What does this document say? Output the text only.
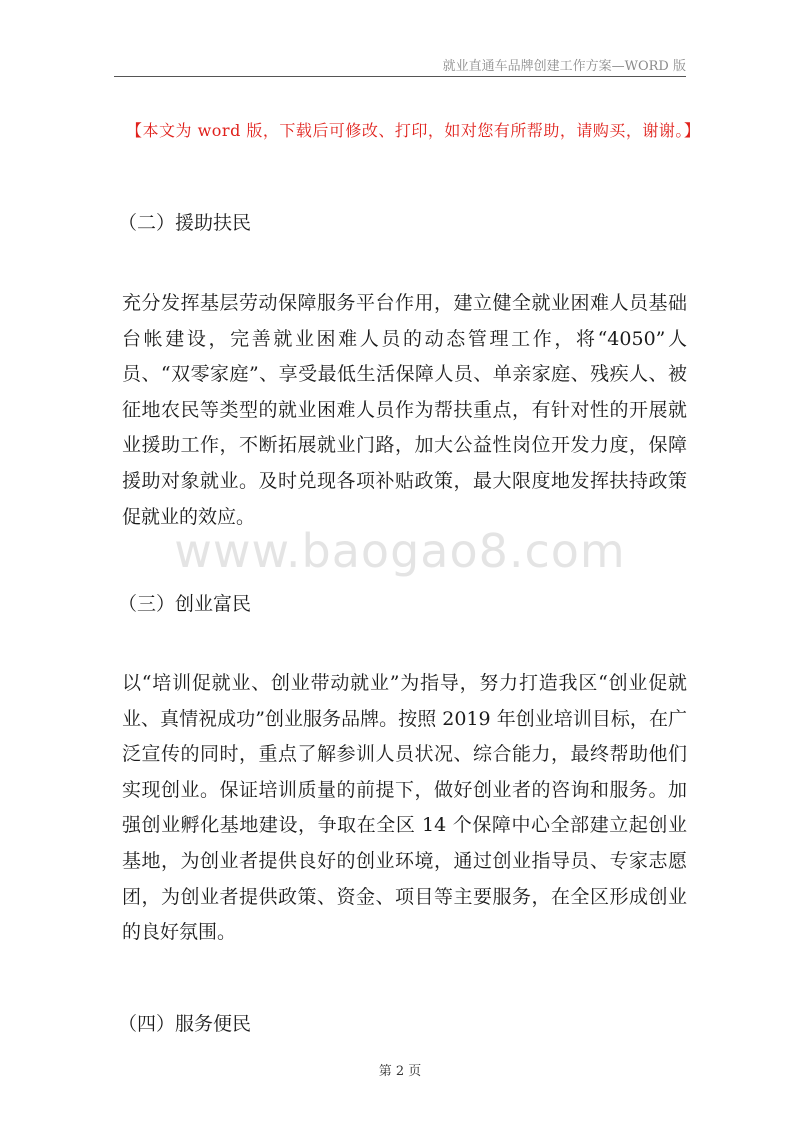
就业直通车品牌创建工作方案—WORD 版
【本文为 word 版，下载后可修改、打印，如对您有所帮助，请购买，谢谢。】
（二）援助扶民
充分发挥基层劳动保障服务平台作用，建立健全就业困难人员基础台帐建设，完善就业困难人员的动态管理工作，将“4050”人员、“双零家庭”、享受最低生活保障人员、单亲家庭、残疾人、被征地农民等类型的就业困难人员作为帮扶重点，有针对性的开展就业援助工作，不断拓展就业门路，加大公益性岗位开发力度，保障援助对象就业。及时兑现各项补贴政策，最大限度地发挥扶持政策促就业的效应。
www.baogao8.com
（三）创业富民
以“培训促就业、创业带动就业”为指导，努力打造我区“创业促就业、真情祝成功”创业服务品牌。按照 2019 年创业培训目标，在广泛宣传的同时，重点了解参训人员状况、综合能力，最终帮助他们实现创业。保证培训质量的前提下，做好创业者的咨询和服务。加强创业孵化基地建设，争取在全区 14 个保障中心全部建立起创业基地，为创业者提供良好的创业环境，通过创业指导员、专家志愿团，为创业者提供政策、资金、项目等主要服务，在全区形成创业的良好氛围。
（四）服务便民
第 2 页
